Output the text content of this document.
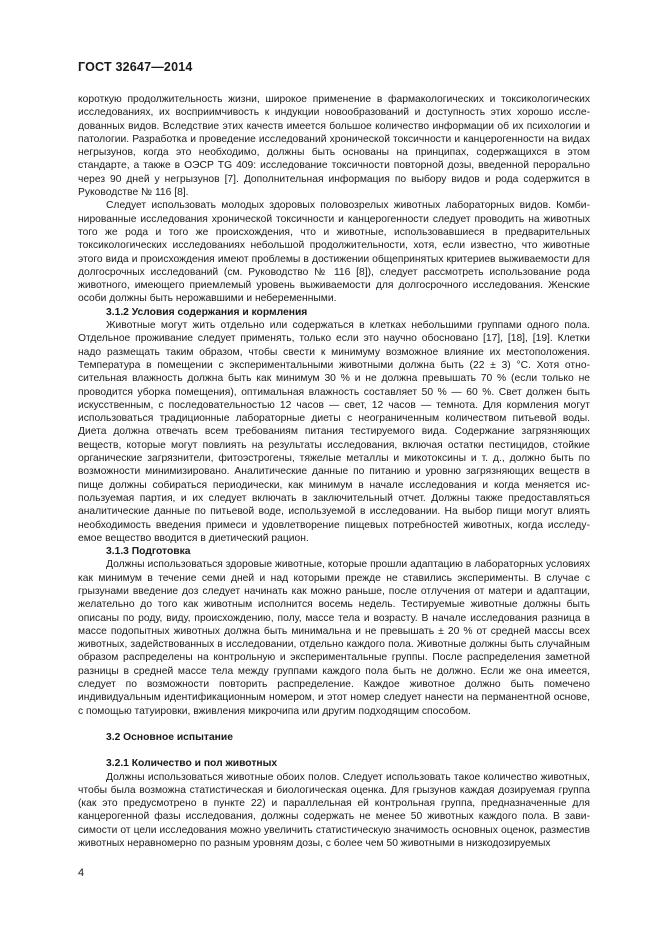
ГОСТ 32647—2014

короткую продолжительность жизни, широкое применение в фармакологических и токсикологических исследованиях, их восприимчивость к индукции новообразований и доступность этих хорошо исследованных видов. Вследствие этих качеств имеется большое количество информации об их психологии и патологии. Разработка и проведение исследований хронической токсичности и канцерогенности на видах негрызунов, когда это необходимо, должны быть основаны на принципах, содержащихся в этом стандарте, а также в ОЭСР TG 409: исследование токсичности повторной дозы, введенной перорально через 90 дней у негрызунов [7]. Дополнительная информация по выбору видов и рода содержится в Руководстве № 116 [8].

Следует использовать молодых здоровых половозрелых животных лабораторных видов. Комбинированные исследования хронической токсичности и канцерогенности следует проводить на животных того же рода и того же происхождения, что и животные, использовавшиеся в предварительных токсикологических исследованиях небольшой продолжительности, хотя, если известно, что животные этого вида и происхождения имеют проблемы в достижении общепринятых критериев выживаемости для долгосрочных исследований (см. Руководство № 116 [8]), следует рассмотреть использование рода животного, имеющего приемлемый уровень выживаемости для долгосрочного исследования. Женские особи должны быть нерожавшими и небеременными.

3.1.2 Условия содержания и кормления

Животные могут жить отдельно или содержаться в клетках небольшими группами одного пола. Отдельное проживание следует применять, только если это научно обосновано [17], [18], [19]. Клетки надо размещать таким образом, чтобы свести к минимуму возможное влияние их местоположения. Температура в помещении с экспериментальными животными должна быть (22 ± 3) °С. Хотя относительная влажность должна быть как минимум 30 % и не должна превышать 70 % (если только не проводится уборка помещения), оптимальная влажность составляет 50 % — 60 %. Свет должен быть искусственным, с последовательностью 12 часов — свет, 12 часов — темнота. Для кормления могут использоваться традиционные лабораторные диеты с неограниченным количеством питьевой воды. Диета должна отвечать всем требованиям питания тестируемого вида. Содержание загрязняющих веществ, которые могут повлиять на результаты исследования, включая остатки пестицидов, стойкие органические загрязнители, фитоэстрогены, тяжелые металлы и микотоксины и т. д., должно быть по возможности минимизировано. Аналитические данные по питанию и уровню загрязняющих веществ в пище должны собираться периодически, как минимум в начале исследования и когда меняется используемая партия, и их следует включать в заключительный отчет. Должны также предоставляться аналитические данные по питьевой воде, используемой в исследовании. На выбор пищи могут влиять необходимость введения примеси и удовлетворение пищевых потребностей животных, когда исследуемое вещество вводится в диетический рацион.

3.1.3 Подготовка

Должны использоваться здоровые животные, которые прошли адаптацию в лабораторных условиях как минимум в течение семи дней и над которыми прежде не ставились эксперименты. В случае с грызунами введение доз следует начинать как можно раньше, после отлучения от матери и адаптации, желательно до того как животным исполнится восемь недель. Тестируемые животные должны быть описаны по роду, виду, происхождению, полу, массе тела и возрасту. В начале исследования разница в массе подопытных животных должна быть минимальна и не превышать ± 20 % от средней массы всех животных, задействованных в исследовании, отдельно каждого пола. Животные должны быть случайным образом распределены на контрольную и экспериментальные группы. После распределения заметной разницы в средней массе тела между группами каждого пола быть не должно. Если же она имеется, следует по возможности повторить распределение. Каждое животное должно быть помечено индивидуальным идентификационным номером, и этот номер следует нанести на перманентной основе, с помощью татуировки, вживления микрочипа или другим подходящим способом.

3.2 Основное испытание

3.2.1 Количество и пол животных

Должны использоваться животные обоих полов. Следует использовать такое количество животных, чтобы была возможна статистическая и биологическая оценка. Для грызунов каждая дозируемая группа (как это предусмотрено в пункте 22) и параллельная ей контрольная группа, предназначенные для канцерогенной фазы исследования, должны содержать не менее 50 животных каждого пола. В зависимости от цели исследования можно увеличить статистическую значимость основных оценок, разместив животных неравномерно по разным уровням дозы, с более чем 50 животными в низкодозируемых

4
